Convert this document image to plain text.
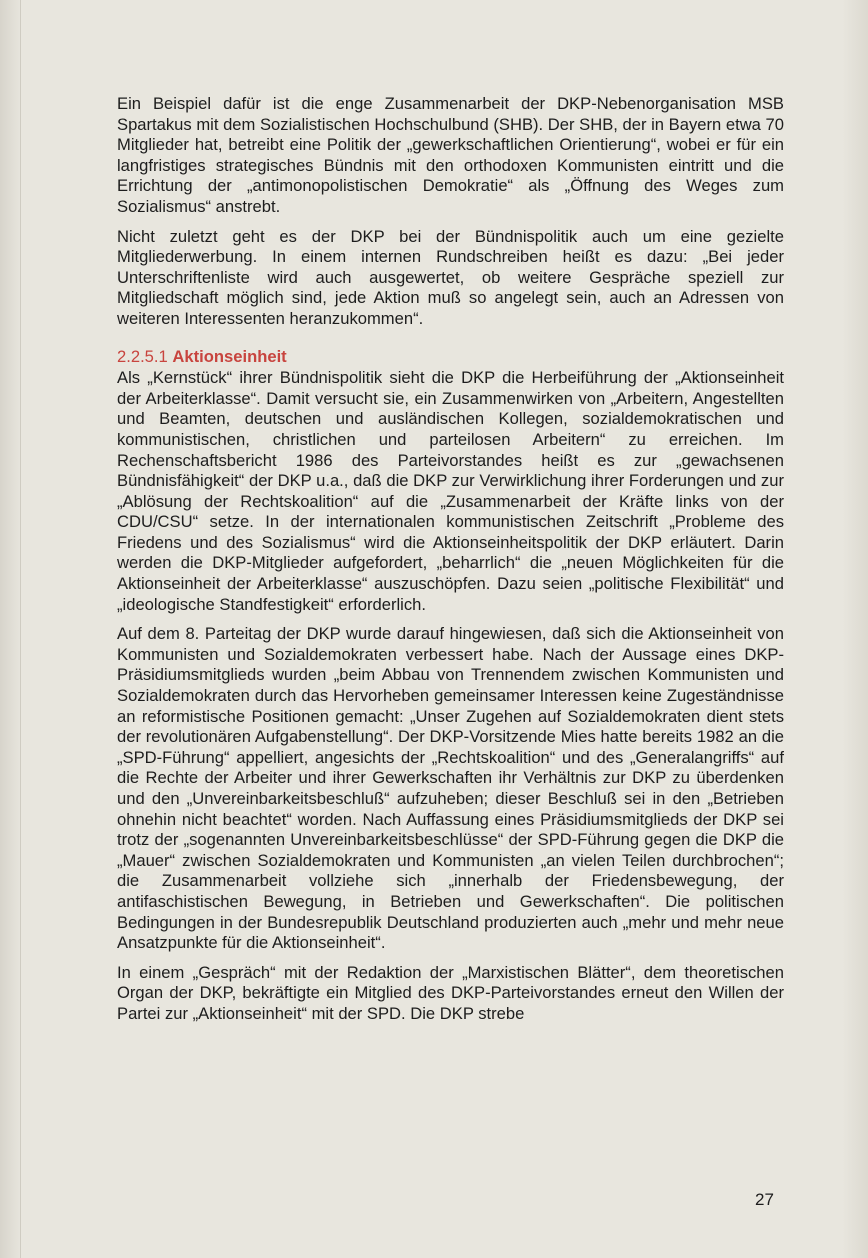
Ein Beispiel dafür ist die enge Zusammenarbeit der DKP-Nebenorganisation MSB Spartakus mit dem Sozialistischen Hochschulbund (SHB). Der SHB, der in Bayern etwa 70 Mitglieder hat, betreibt eine Politik der „gewerkschaftlichen Orientierung“, wobei er für ein langfristiges strategisches Bündnis mit den orthodoxen Kommunisten eintritt und die Errichtung der „antimonopolistischen Demokratie“ als „Öffnung des Weges zum Sozialismus“ anstrebt.

Nicht zuletzt geht es der DKP bei der Bündnispolitik auch um eine gezielte Mitgliederwerbung. In einem internen Rundschreiben heißt es dazu: „Bei jeder Unterschriftenliste wird auch ausgewertet, ob weitere Gespräche speziell zur Mitgliedschaft möglich sind, jede Aktion muß so angelegt sein, auch an Adressen von weiteren Interessenten heranzukommen“.

2.2.5.1 Aktionseinheit

Als „Kernstück“ ihrer Bündnispolitik sieht die DKP die Herbeiführung der „Aktionseinheit der Arbeiterklasse“. Damit versucht sie, ein Zusammenwirken von „Arbeitern, Angestellten und Beamten, deutschen und ausländischen Kollegen, sozialdemokratischen und kommunistischen, christlichen und parteilosen Arbeitern“ zu erreichen. Im Rechenschaftsbericht 1986 des Parteivorstandes heißt es zur „gewachsenen Bündnisfähigkeit“ der DKP u.a., daß die DKP zur Verwirklichung ihrer Forderungen und zur „Ablösung der Rechtskoalition“ auf die „Zusammenarbeit der Kräfte links von der CDU/CSU“ setze. In der internationalen kommunistischen Zeitschrift „Probleme des Friedens und des Sozialismus“ wird die Aktionseinheitspolitik der DKP erläutert. Darin werden die DKP-Mitglieder aufgefordert, „beharrlich“ die „neuen Möglichkeiten für die Aktionseinheit der Arbeiterklasse“ auszuschöpfen. Dazu seien „politische Flexibilität“ und „ideologische Standfestigkeit“ erforderlich.

Auf dem 8. Parteitag der DKP wurde darauf hingewiesen, daß sich die Aktionseinheit von Kommunisten und Sozialdemokraten verbessert habe. Nach der Aussage eines DKP-Präsidiumsmitglieds wurden „beim Abbau von Trennendem zwischen Kommunisten und Sozialdemokraten durch das Hervorheben gemeinsamer Interessen keine Zugeständnisse an reformistische Positionen gemacht: „Unser Zugehen auf Sozialdemokraten dient stets der revolutionären Aufgabenstellung“. Der DKP-Vorsitzende Mies hatte bereits 1982 an die „SPD-Führung“ appelliert, angesichts der „Rechtskoalition“ und des „Generalangriffs“ auf die Rechte der Arbeiter und ihrer Gewerkschaften ihr Verhältnis zur DKP zu überdenken und den „Unvereinbarkeitsbeschluß“ aufzuheben; dieser Beschluß sei in den „Betrieben ohnehin nicht beachtet“ worden. Nach Auffassung eines Präsidiumsmitglieds der DKP sei trotz der „sogenannten Unvereinbarkeitsbeschlüsse“ der SPD-Führung gegen die DKP die „Mauer“ zwischen Sozialdemokraten und Kommunisten „an vielen Teilen durchbrochen“; die Zusammenarbeit vollziehe sich „innerhalb der Friedensbewegung, der antifaschistischen Bewegung, in Betrieben und Gewerkschaften“. Die politischen Bedingungen in der Bundesrepublik Deutschland produzierten auch „mehr und mehr neue Ansatzpunkte für die Aktionseinheit“.

In einem „Gespräch“ mit der Redaktion der „Marxistischen Blätter“, dem theoretischen Organ der DKP, bekräftigte ein Mitglied des DKP-Parteivorstandes erneut den Willen der Partei zur „Aktionseinheit“ mit der SPD. Die DKP strebe

27
